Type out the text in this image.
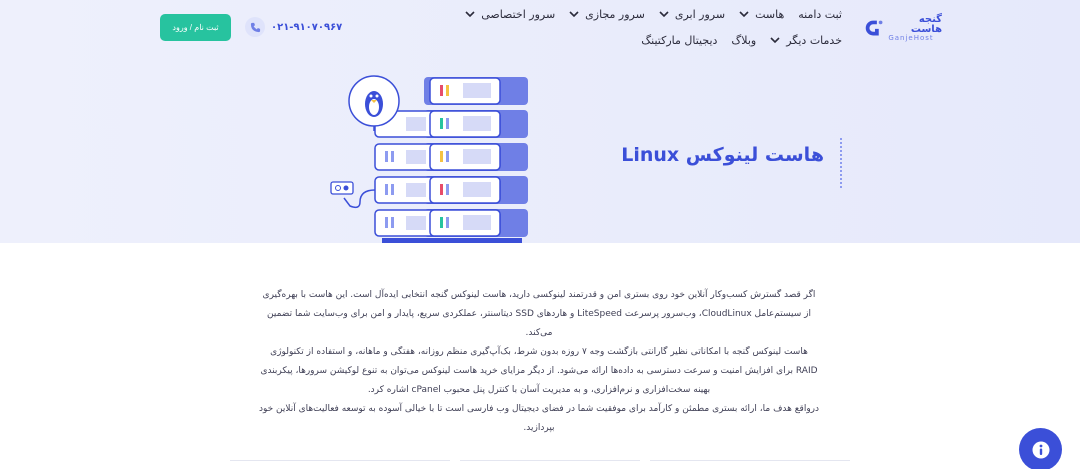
گنجه هاست
GanjeHost
ثبت دامنه
هاست
سرور ابری
سرور مجازی
سرور اختصاصی
خدمات دیگر
وبلاگ
دیجیتال مارکتینگ
۰۲۱-۹۱۰۷۰۹۶۷
ثبت نام / ورود
هاست لینوکس Linux

اگر قصد گسترش کسب‌وکار آنلاین خود روی بستری امن و قدرتمند لینوکسی دارید، هاست لینوکس گنجه انتخابی ایده‌آل است. این هاست با بهره‌گیری از سیستم‌عامل CloudLinux، وب‌سرور پرسرعت LiteSpeed و هاردهای SSD دیتاسنتر، عملکردی سریع، پایدار و امن برای وب‌سایت شما تضمین می‌کند.

هاست لینوکس گنجه با امکاناتی نظیر گارانتی بازگشت وجه ۷ روزه بدون شرط، بک‌آپ‌گیری منظم روزانه، هفتگی و ماهانه، و استفاده از تکنولوژی RAID برای افزایش امنیت و سرعت دسترسی به داده‌ها ارائه می‌شود. از دیگر مزایای خرید هاست لینوکس می‌توان به تنوع لوکیشن سرورها، پیکربندی بهینه سخت‌افزاری و نرم‌افزاری، و به مدیریت آسان با کنترل پنل محبوب cPanel اشاره کرد.

درواقع هدف ما، ارائه بستری مطمئن و کارآمد برای موفقیت شما در فضای دیجیتال وب فارسی است تا با خیالی آسوده به توسعه فعالیت‌های آنلاین خود بپردازید.
